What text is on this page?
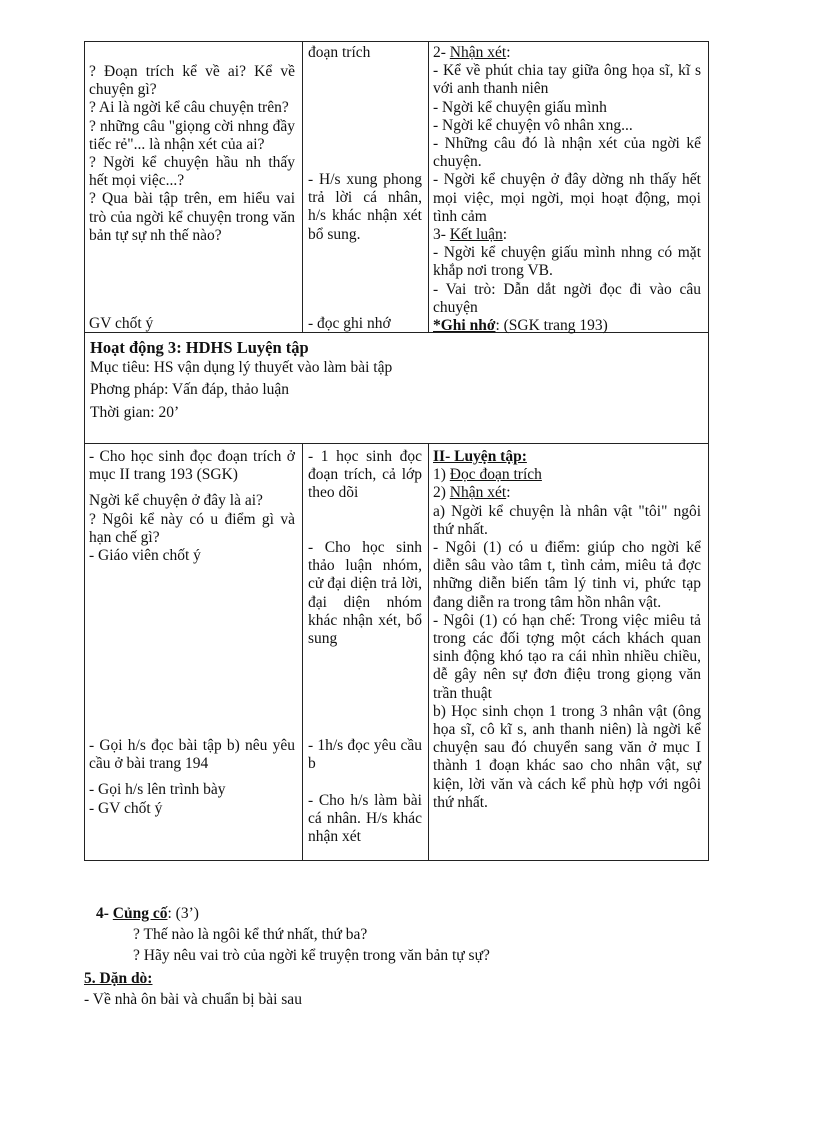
? Đoạn trích kể về ai? Kể về chuyện gì?

? Ai là ngời kể câu chuyện trên?

? những câu "giọng cời nhng đầy tiếc rẻ"... là nhận xét của ai?

? Ngời kể chuyện hầu nh thấy hết mọi việc...?

? Qua bài tập trên, em hiểu vai trò của ngời kể chuyện trong văn bản tự sự nh thế nào?

GV chốt ý
đoạn trích
- H/s xung phong trả lời cá nhân, h/s khác nhận xét bổ sung.
- đọc ghi nhớ

2- Nhận xét:

- Kể về phút chia tay giữa ông họa sĩ, kĩ s với anh thanh niên

- Ngời kể chuyện giấu mình

- Ngời kể chuyện vô nhân xng...

- Những câu đó là nhận xét của ngời kể chuyện.

- Ngời kể chuyện ở đây dờng nh thấy hết mọi việc, mọi ngời, mọi hoạt động, mọi tình cảm

3- Kết luận:

- Ngời kể chuyện giấu mình nhng có mặt khắp nơi trong VB.

- Vai trò: Dẫn dắt ngời đọc đi vào câu chuyện

*Ghi nhớ: (SGK trang 193)

Hoạt động 3: HDHS Luyện tập
Mục tiêu: HS vận dụng lý thuyết vào làm bài tập
Phơng pháp: Vấn đáp, thảo luận
Thời gian: 20’

- Cho học sinh đọc đoạn trích ở mục II trang 193 (SGK)

Ngời kể chuyện ở đây là ai?

? Ngôi kể này có u điểm gì và hạn chế gì?

- Giáo viên chốt ý

- Gọi h/s đọc bài tập b) nêu yêu cầu ở bài trang 194

- Gọi h/s lên trình bày

- GV chốt ý

- 1 học sinh đọc đoạn trích, cả lớp theo dõi
- Cho học sinh thảo luận nhóm, cử đại diện trả lời, đại diện nhóm khác nhận xét, bổ sung
- 1h/s đọc yêu cầu b
- Cho h/s làm bài cá nhân. H/s khác nhận xét

II- Luyện tập:

1) Đọc đoạn trích

2) Nhận xét:

a) Ngời kể chuyện là nhân vật "tôi" ngôi thứ nhất.

- Ngôi (1) có u điểm: giúp cho ngời kể diễn sâu vào tâm t, tình cảm, miêu tả đợc những diễn biến tâm lý tinh vi, phức tạp đang diễn ra trong tâm hồn nhân vật.

- Ngôi (1) có hạn chế: Trong việc miêu tả trong các đối tợng một cách khách quan sinh động khó tạo ra cái nhìn nhiều chiều, dễ gây nên sự đơn điệu trong giọng văn trần thuật

b) Học sinh chọn 1 trong 3 nhân vật (ông họa sĩ, cô kĩ s, anh thanh niên) là ngời kể chuyện sau đó chuyển sang văn ở mục I thành 1 đoạn khác sao cho nhân vật, sự kiện, lời văn và cách kể phù hợp với ngôi thứ nhất.

4- Củng cố: (3’)
? Thế nào là ngôi kể thứ nhất, thứ ba?
? Hãy nêu vai trò của ngời kể truyện trong văn bản tự sự?
5. Dặn dò:
- Về nhà ôn bài và chuẩn bị bài sau
